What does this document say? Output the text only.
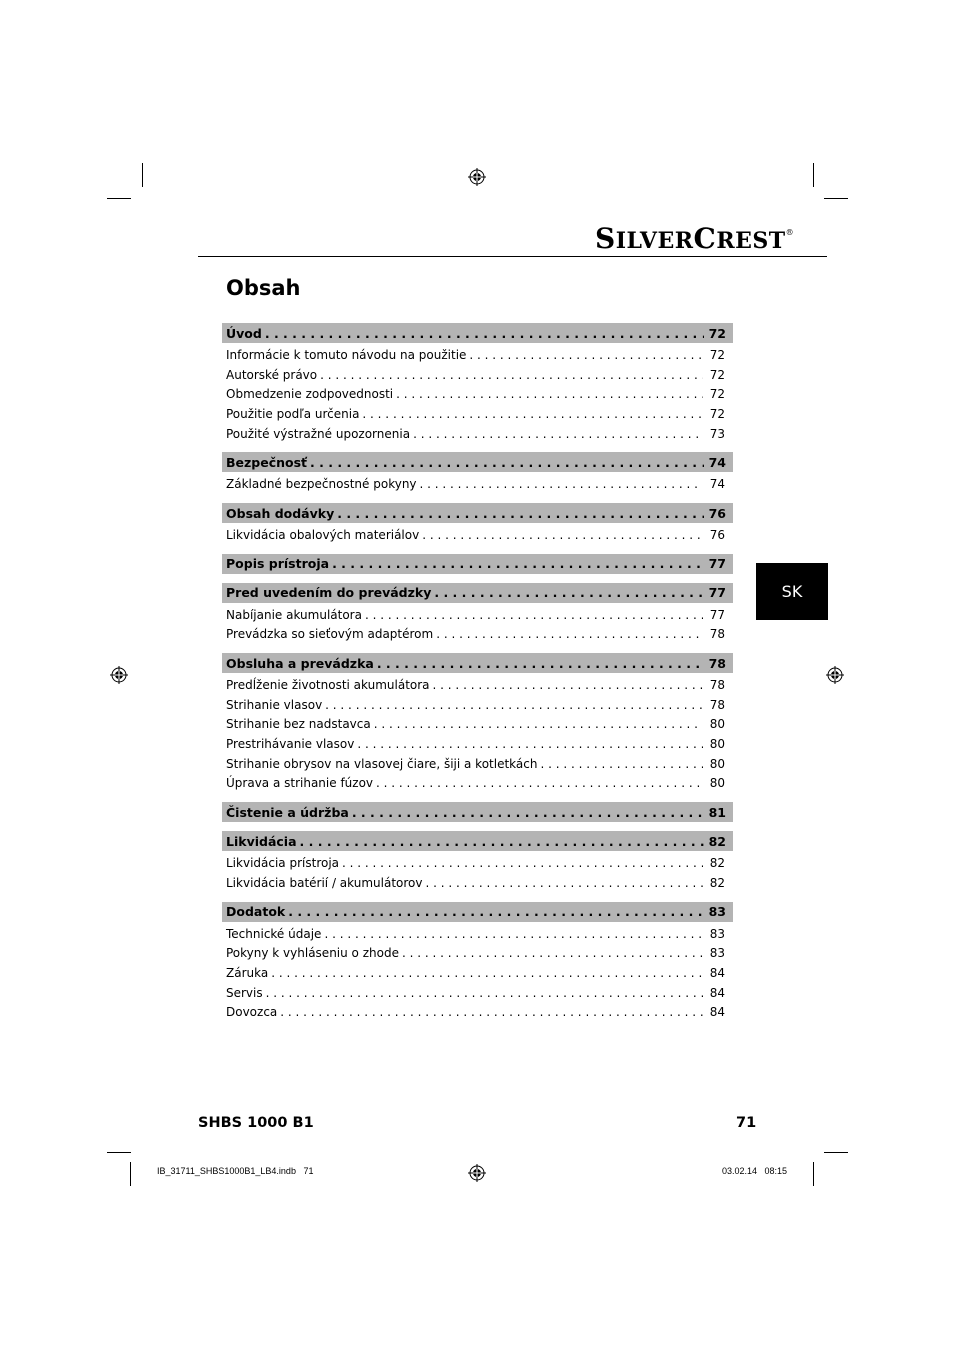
SILVERCREST®
Obsah
SK
Úvod . . .	72
Informácie k tomuto návodu na použitie . . .	72
Autorské právo . . .	72
Obmedzenie zodpovednosti . . .	72
Použitie podľa určenia . . .	72
Použité výstražné upozornenia . . .	73
Bezpečnosť . . .	74
Základné bezpečnostné pokyny . . .	74
Obsah dodávky . . .	76
Likvidácia obalových materiálov . . .	76
Popis prístroja . . .	77
Pred uvedením do prevádzky . . .	77
Nabíjanie akumulátora . . .	77
Prevádzka so sieťovým adaptérom . . .	78
Obsluha a prevádzka . . .	78
Predĺženie životnosti akumulátora . . .	78
Strihanie vlasov . . .	78
Strihanie bez nadstavca . . .	80
Prestrihávanie vlasov . . .	80
Strihanie obrysov na vlasovej čiare, šiji a kotletkách . . .	80
Úprava a strihanie fúzov . . .	80
Čistenie a údržba . . .	81
Likvidácia . . .	82
Likvidácia prístroja . . .	82
Likvidácia batérií / akumulátorov . . .	82
Dodatok . . .	83
Technické údaje . . .	83
Pokyny k vyhláseniu o zhode . . .	83
Záruka . . .	84
Servis . . .	84
Dovozca . . .	84
SHBS 1000 B1	71
IB_31711_SHBS1000B1_LB4.indb   71	03.02.14   08:15
